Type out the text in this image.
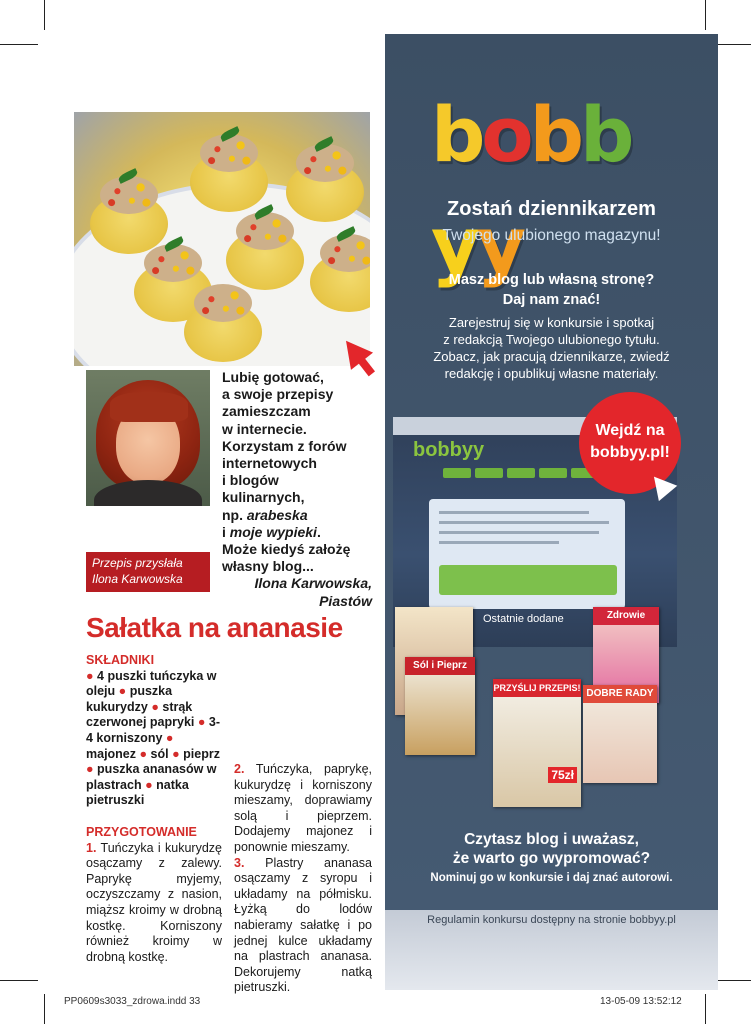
Przepis przysłała
Ilona Karwowska
Lubię gotować,
a swoje przepisy
zamieszczam
w internecie.
Korzystam z forów
internetowych
i blogów
kulinarnych,
np. arabeska
i moje wypieki.
Może kiedyś założę
własny blog...
Ilona Karwowska,
Piastów
Sałatka na ananasie
SKŁADNIKI
● 4 puszki tuńczyka w oleju ● puszka kukurydzy ● strąk czerwonej papryki ● 3-4 korniszony ● majonez ● sól ● pieprz ● puszka ananasów w plastrach ● natka pietruszki
PRZYGOTOWANIE
1. Tuńczyka i kukurydzę osączamy z zalewy. Paprykę myjemy, oczyszczamy z nasion, miąższ kroimy w drobną kostkę. Korniszony również kroimy w drobną kostkę.
2. Tuńczyka, paprykę, kukurydzę i korniszony mieszamy, doprawiamy solą i pieprzem. Dodajemy majonez i ponownie mieszamy.
3. Plastry ananasa osączamy z syropu i układamy na półmisku. Łyżką do lodów nabieramy sałatkę i po jednej kulce układamy na plastrach ananasa. Dekorujemy natką pietruszki.
bobbyy
Zostań dziennikarzem
Twojego ulubionego magazynu!
Masz blog lub własną stronę?
Daj nam znać!
Zarejestruj się w konkursie i spotkaj
z redakcją Twojego ulubionego tytułu.
Zobacz, jak pracują dziennikarze, zwiedź
redakcję i opublikuj własne materiały.
bobbyy
Ostatnie dodane	Zdrowie
Sól i Pieprz
PRZYŚLIJ PRZEPIS!
75zł
DOBRE RADY
Wejdź na
bobbyy.pl!
Czytasz blog i uważasz,
że warto go wypromować?
Nominuj go w konkursie i daj znać autorowi.
Regulamin konkursu dostępny na stronie bobbyy.pl
PP0609s3033_zdrowa.indd 33	13-05-09 13:52:12
